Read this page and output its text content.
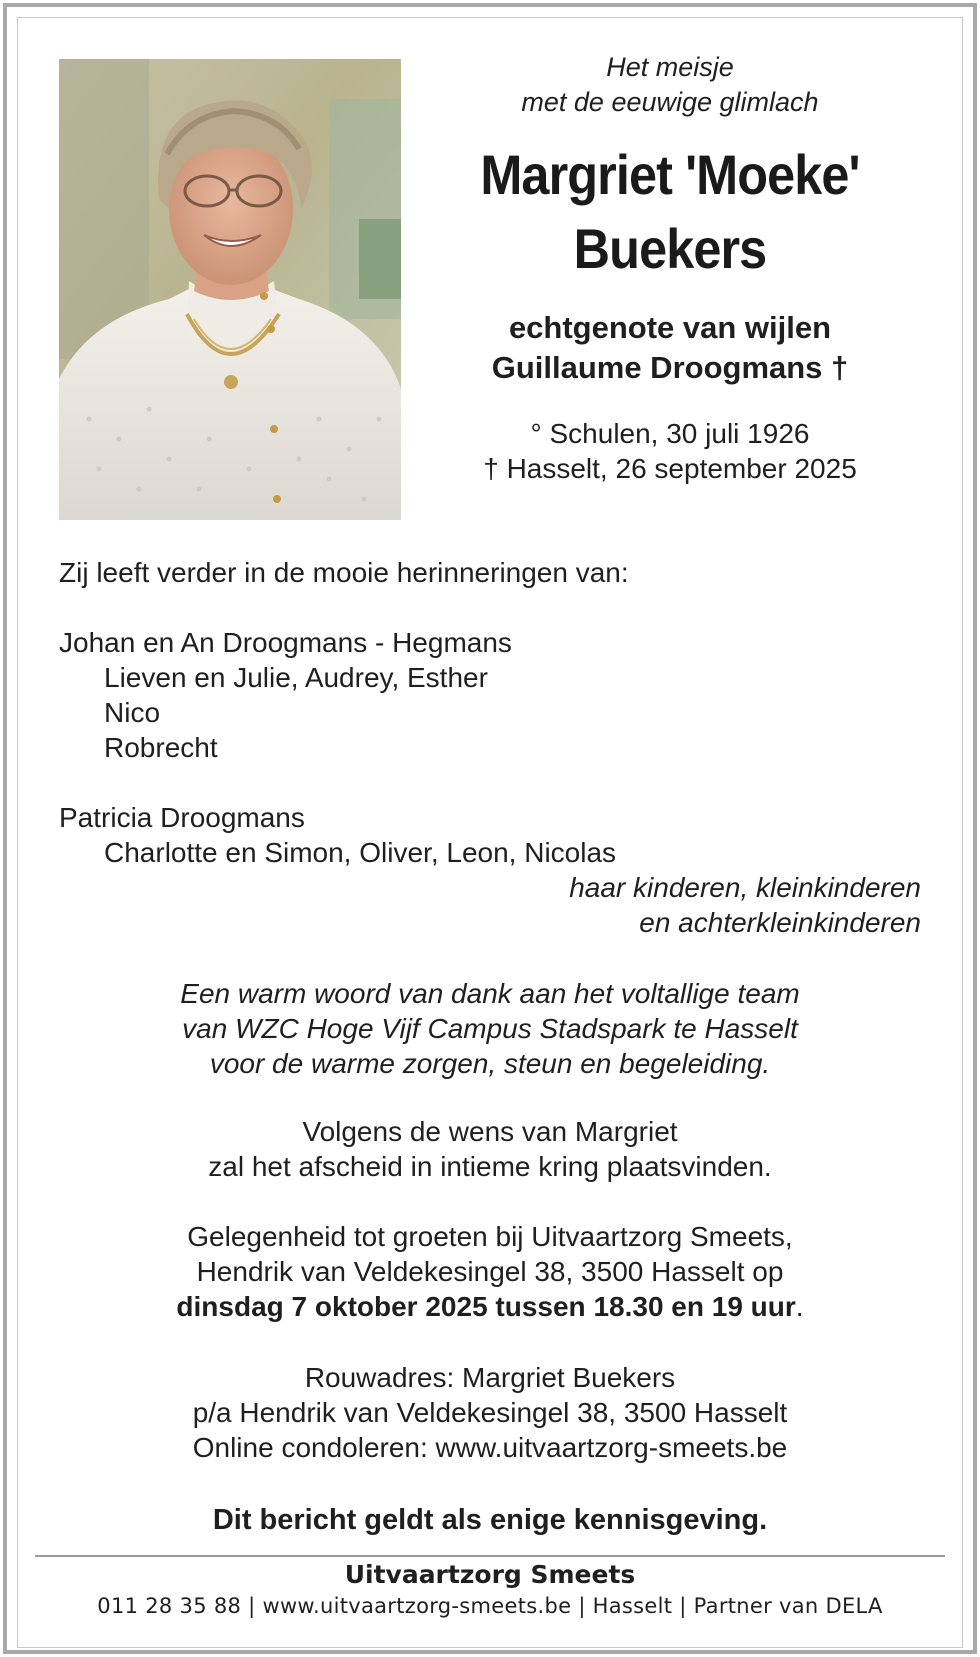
Het meisje

met de eeuwige glimlach

Margriet 'Moeke'

Buekers

echtgenote van wijlen

Guillaume Droogmans †

° Schulen, 30 juli 1926

† Hasselt, 26 september 2025

Zij leeft verder in de mooie herinneringen van:

Johan en An Droogmans - Hegmans

Lieven en Julie, Audrey, Esther

Nico

Robrecht

Patricia Droogmans

Charlotte en Simon, Oliver, Leon, Nicolas

haar kinderen, kleinkinderen

en achterkleinkinderen

Een warm woord van dank aan het voltallige team

van WZC Hoge Vijf Campus Stadspark te Hasselt

voor de warme zorgen, steun en begeleiding.

Volgens de wens van Margriet

zal het afscheid in intieme kring plaatsvinden.

Gelegenheid tot groeten bij Uitvaartzorg Smeets,

Hendrik van Veldekesingel 38, 3500 Hasselt op

dinsdag 7 oktober 2025 tussen 18.30 en 19 uur.

Rouwadres: Margriet Buekers

p/a Hendrik van Veldekesingel 38, 3500 Hasselt

Online condoleren: www.uitvaartzorg-smeets.be

Dit bericht geldt als enige kennisgeving.

Uitvaartzorg Smeets

011 28 35 88 | www.uitvaartzorg-smeets.be | Hasselt | Partner van DELA
